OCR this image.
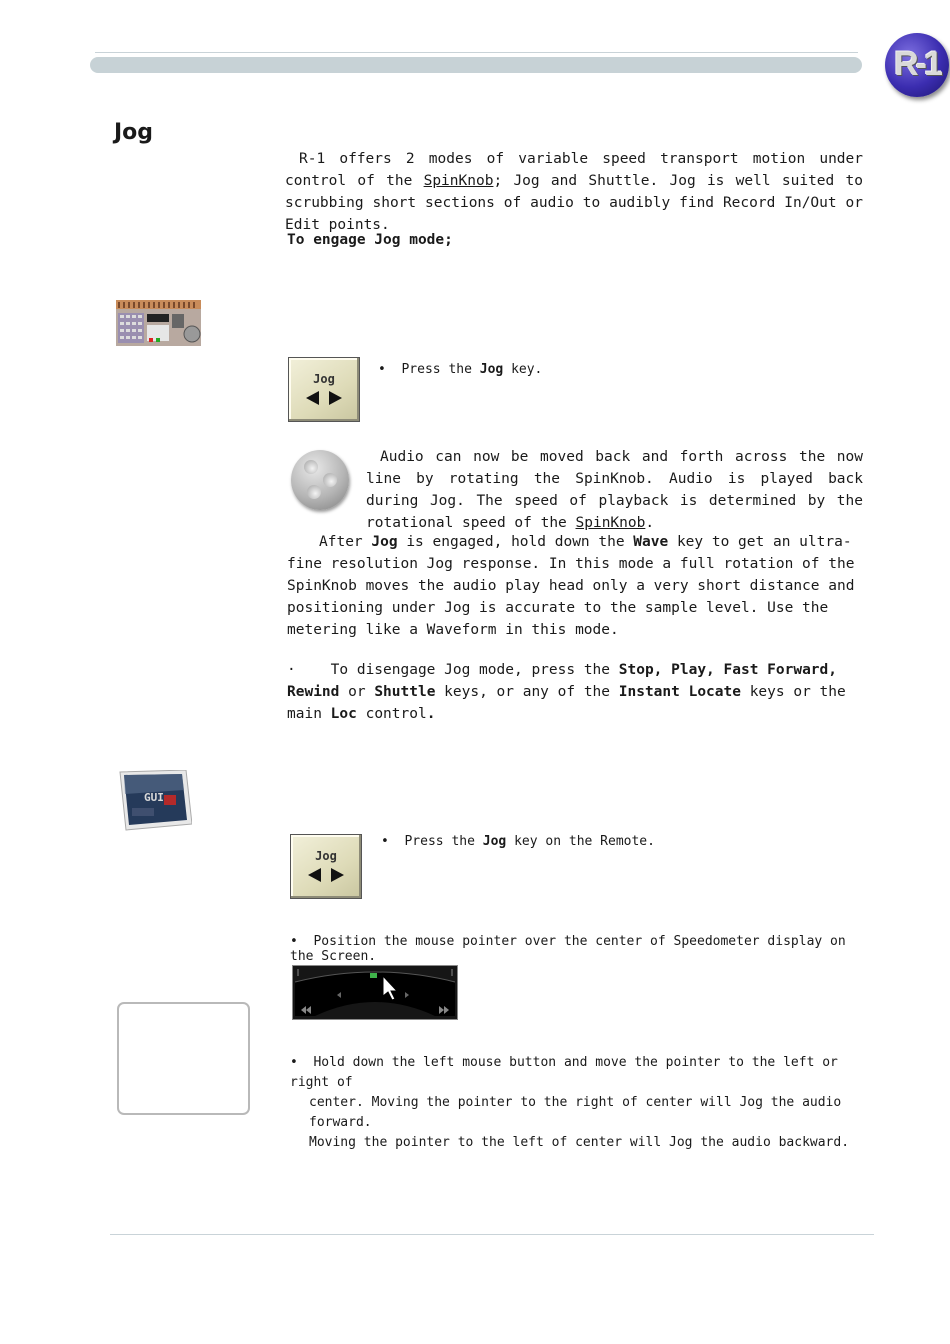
R-1
Jog
R-1 offers 2 modes of variable speed transport motion under control of the SpinKnob; Jog and Shuttle. Jog is well suited to scrubbing short sections of audio to audibly find Record In/Out or Edit points.
To engage Jog mode;
Jog
•  Press the Jog key.
Audio can now be moved back and forth across the now line by rotating the SpinKnob. Audio is played back during Jog. The speed of playback is determined by the rotational speed of the SpinKnob.
After Jog is engaged, hold down the Wave key to get an ultra-fine resolution Jog response. In this mode a full rotation of the SpinKnob moves the audio play head only a very short distance and positioning under Jog is accurate to the sample level. Use the metering like a Waveform in this mode.
· To disengage Jog mode, press the Stop, Play, Fast Forward, Rewind or Shuttle keys, or any of the Instant Locate keys or the main Loc control.
GUI
Jog
•  Press the Jog key on the Remote.
• Position the mouse pointer over the center of Speedometer display on the Screen.
• Hold down the left mouse button and move the pointer to the left or right of
center. Moving the pointer to the right of center will Jog the audio forward.
Moving the pointer to the left of center will Jog the audio backward.
